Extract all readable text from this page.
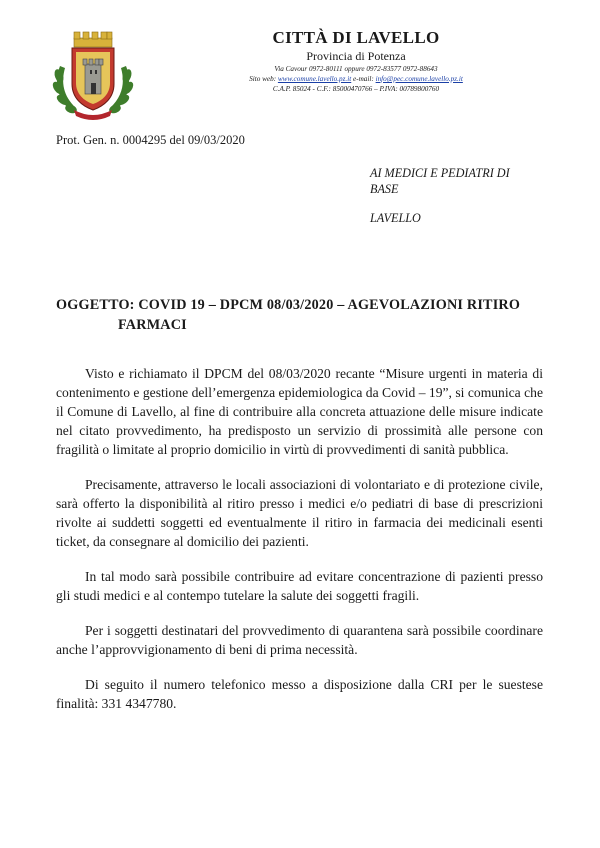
CITTÀ DI LAVELLO
Provincia di Potenza
Via Cavour 0972-80111 oppure 0972-83577 0972-88643
Sito web: www.comune.lavello.pz.it e-mail: info@pec.comune.lavello.pz.it
C.A.P. 85024 - C.F.: 85000470766 – P.IVA: 00789800760
Prot. Gen. n. 0004295 del 09/03/2020

AI MEDICI E PEDIATRI DI BASE

LAVELLO

OGGETTO: COVID 19 – DPCM 08/03/2020 – AGEVOLAZIONI RITIRO
FARMACI

Visto e richiamato il DPCM del 08/03/2020 recante “Misure urgenti in materia di contenimento e gestione dell’emergenza epidemiologica da Covid – 19”, si comunica che il Comune di Lavello, al fine di contribuire alla concreta attuazione delle misure indicate nel citato provvedimento, ha predisposto un servizio di prossimità alle persone con fragilità o limitate al proprio domicilio in virtù di provvedimenti di sanità pubblica.

Precisamente, attraverso le locali associazioni di volontariato e di protezione civile, sarà offerto la disponibilità al ritiro presso i medici e/o pediatri di base di prescrizioni rivolte ai suddetti soggetti ed eventualmente il ritiro in farmacia dei medicinali esenti ticket, da consegnare al domicilio dei pazienti.

In tal modo sarà possibile contribuire ad evitare concentrazione di pazienti presso gli studi medici e al contempo tutelare la salute dei soggetti fragili.

Per i soggetti destinatari del provvedimento di quarantena sarà possibile coordinare anche l’approvvigionamento di beni di prima necessità.

Di seguito il numero telefonico messo a disposizione dalla CRI per le suestese finalità: 331 4347780.
